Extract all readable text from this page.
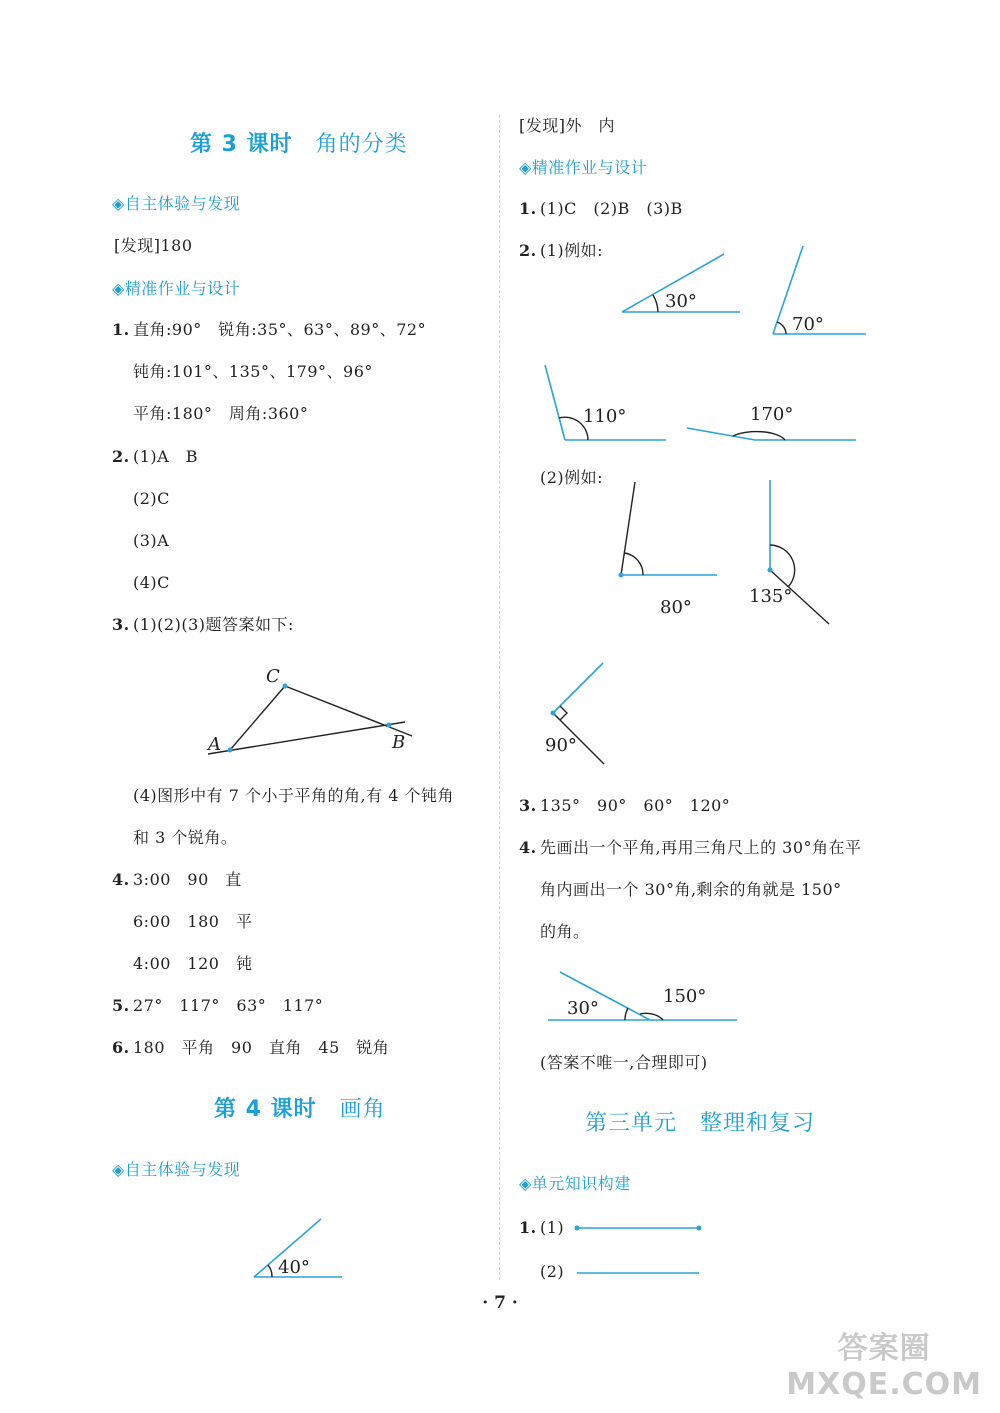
第 3 课时　 角的分类
◈自主体验与发现
[发现]180
◈精准作业与设计
1. 直角:90°　锐角:35°、63°、89°、72°
钝角:101°、135°、179°、96°
平角:180°　周角:360°
2. (1)A　B
(2)C
(3)A
(4)C
3. (1)(2)(3)题答案如下:
C
A	B
(4)图形中有 7 个小于平角的角,有 4 个钝角
和 3 个锐角。
4. 3:00　90　直
6:00　180　平
4:00　120　钝
5. 27°　117°　63°　117°
6. 180　平角　90　直角　45　锐角
第 4 课时　 画角
◈自主体验与发现
40°
[发现]外　内
◈精准作业与设计
1. (1)C　(2)B　(3)B
2. (1)例如:
30°
70°
110°	170°
(2)例如:
80°
135°
90°
3. 135°　90°　60°　120°
4. 先画出一个平角,再用三角尺上的 30°角在平
角内画出一个 30°角,剩余的角就是 150°
的角。
30°
150°
(答案不唯一,合理即可)
第三单元　 整理和复习
◈单元知识构建
1. (1)
(2)
· 7 ·
答案圈
MXQE.COM
